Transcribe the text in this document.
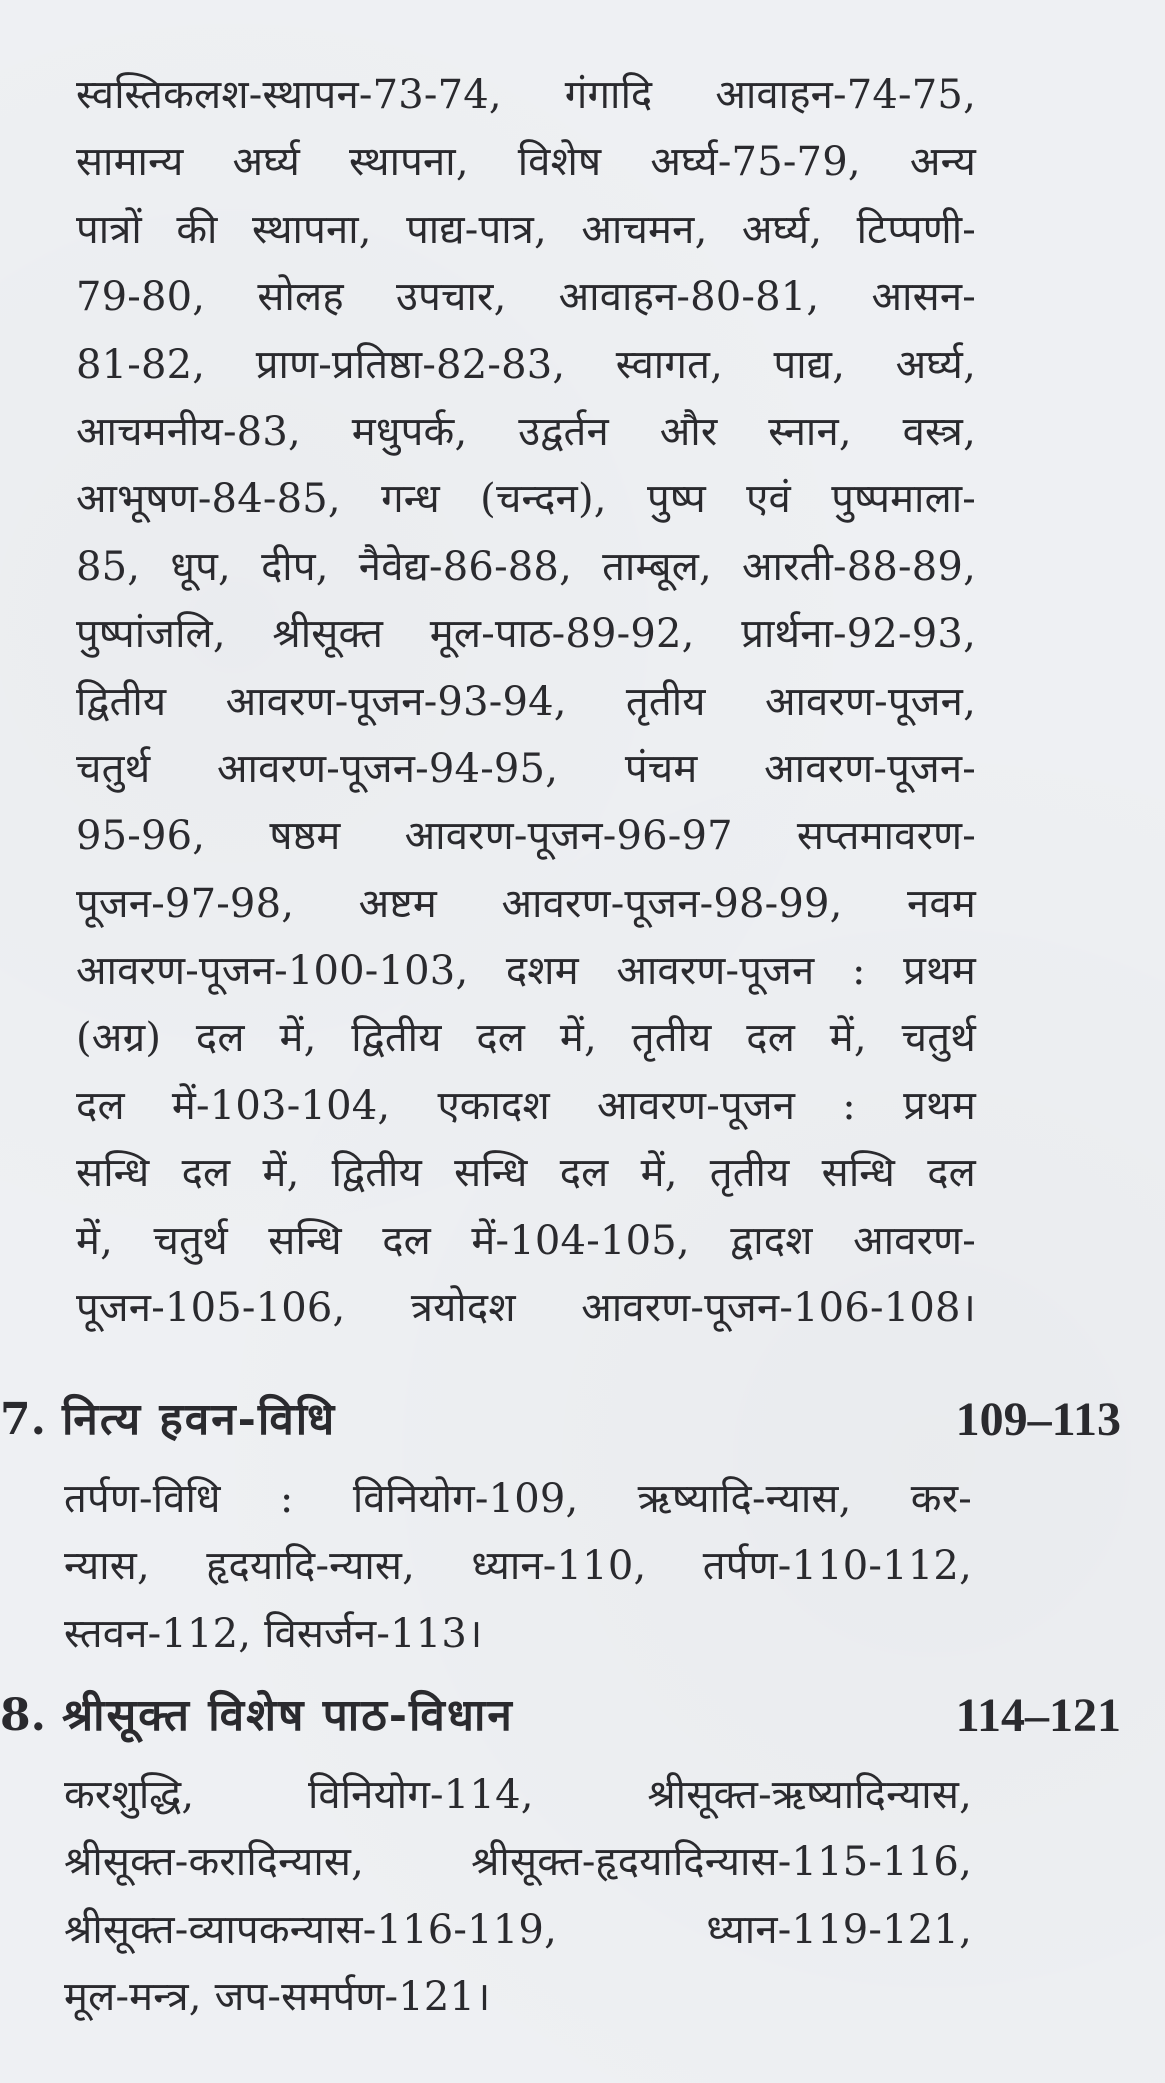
स्वस्तिकलश-स्थापन-73-74, गंगादि आवाहन-74-75,
सामान्य अर्घ्य स्थापना, विशेष अर्घ्य-75-79, अन्य
पात्रों की स्थापना, पाद्य-पात्र, आचमन, अर्घ्य, टिप्पणी-
79-80, सोलह उपचार, आवाहन-80-81, आसन-
81-82, प्राण-प्रतिष्ठा-82-83, स्वागत, पाद्य, अर्घ्य,
आचमनीय-83, मधुपर्क, उद्वर्तन और स्नान, वस्त्र,
आभूषण-84-85, गन्ध (चन्दन), पुष्प एवं पुष्पमाला-
85, धूप, दीप, नैवेद्य-86-88, ताम्बूल, आरती-88-89,
पुष्पांजलि, श्रीसूक्त मूल-पाठ-89-92, प्रार्थना-92-93,
द्वितीय आवरण-पूजन-93-94, तृतीय आवरण-पूजन,
चतुर्थ आवरण-पूजन-94-95, पंचम आवरण-पूजन-
95-96, षष्ठम आवरण-पूजन-96-97 सप्तमावरण-
पूजन-97-98, अष्टम आवरण-पूजन-98-99, नवम
आवरण-पूजन-100-103, दशम आवरण-पूजन : प्रथम
(अग्र) दल में, द्वितीय दल में, तृतीय दल में, चतुर्थ
दल में-103-104, एकादश आवरण-पूजन : प्रथम
सन्धि दल में, द्वितीय सन्धि दल में, तृतीय सन्धि दल
में, चतुर्थ सन्धि दल में-104-105, द्वादश आवरण-
पूजन-105-106, त्रयोदश आवरण-पूजन-106-108।
7. नित्य हवन-विधि	109–113
तर्पण-विधि : विनियोग-109, ऋष्यादि-न्यास, कर-
न्यास, हृदयादि-न्यास, ध्यान-110, तर्पण-110-112,
स्तवन-112, विसर्जन-113।
8. श्रीसूक्त विशेष पाठ-विधान	114–121
करशुद्धि, विनियोग-114, श्रीसूक्त-ऋष्यादिन्यास,
श्रीसूक्त-करादिन्यास, श्रीसूक्त-हृदयादिन्यास-115-116,
श्रीसूक्त-व्यापकन्यास-116-119, ध्यान-119-121,
मूल-मन्त्र, जप-समर्पण-121।
